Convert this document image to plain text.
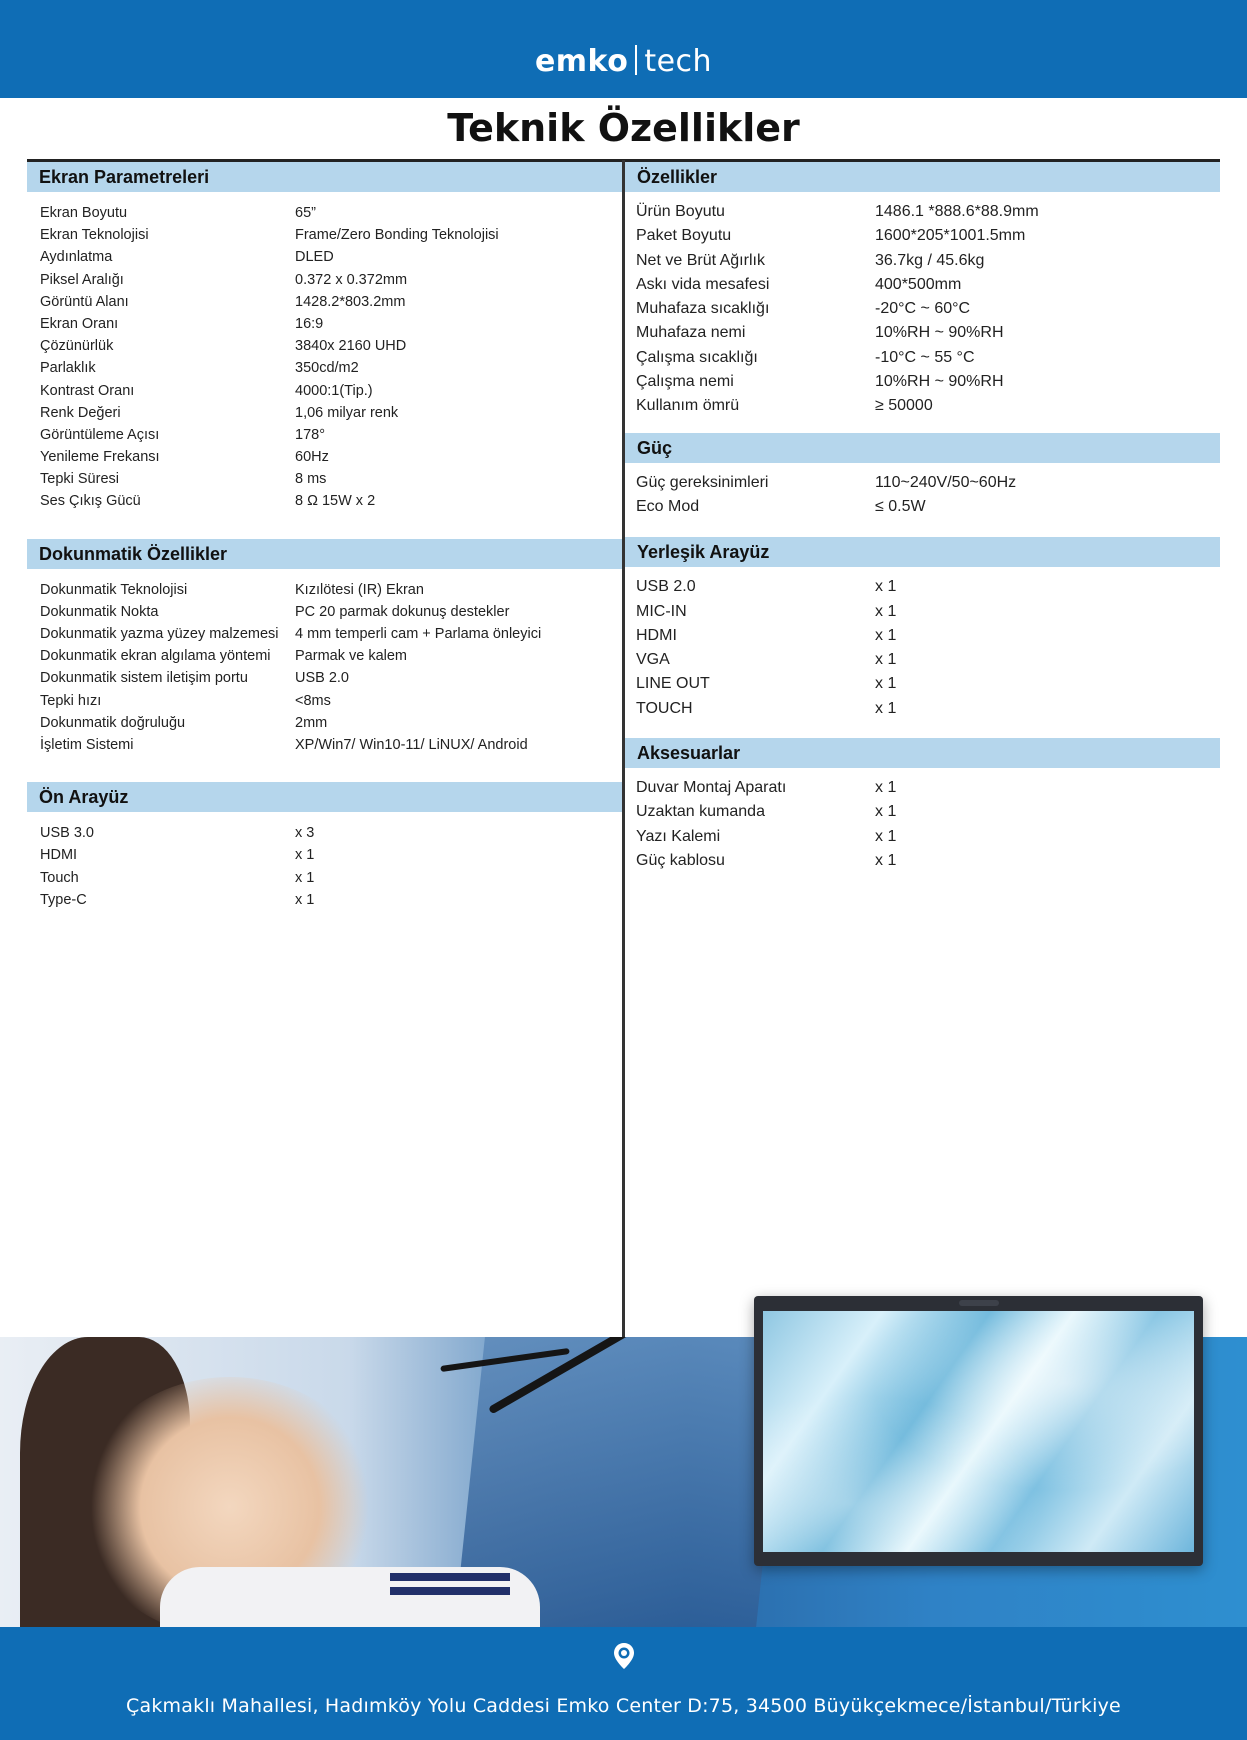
emko tech
Teknik Özellikler
Ekran Parametreleri
Ekran Boyutu	65”
Ekran Teknolojisi	Frame/Zero Bonding Teknolojisi
Aydınlatma	DLED
Piksel Aralığı	0.372 x 0.372mm
Görüntü Alanı	1428.2*803.2mm
Ekran Oranı	16:9
Çözünürlük	3840x 2160 UHD
Parlaklık	350cd/m2
Kontrast Oranı	4000:1(Tip.)
Renk Değeri	1,06 milyar renk
Görüntüleme Açısı	178°
Yenileme Frekansı	60Hz
Tepki Süresi	8 ms
Ses Çıkış Gücü	8 Ω 15W x 2
Dokunmatik Özellikler
Dokunmatik Teknolojisi	Kızılötesi (IR) Ekran
Dokunmatik Nokta	PC 20 parmak dokunuş destekler
Dokunmatik yazma yüzey malzemesi	4 mm temperli cam + Parlama önleyici
Dokunmatik ekran algılama yöntemi	Parmak ve kalem
Dokunmatik sistem iletişim portu	USB 2.0
Tepki hızı	<8ms
Dokunmatik doğruluğu	2mm
İşletim Sistemi	XP/Win7/ Win10-11/ LiNUX/ Android
Ön Arayüz
USB 3.0	x 3
HDMI	x 1
Touch	x 1
Type-C	x 1
Özellikler
Ürün Boyutu	1486.1 *888.6*88.9mm
Paket Boyutu	1600*205*1001.5mm
Net ve Brüt Ağırlık	36.7kg / 45.6kg
Askı vida mesafesi	400*500mm
Muhafaza sıcaklığı	-20°C ~ 60°C
Muhafaza nemi	10%RH ~ 90%RH
Çalışma sıcaklığı	-10°C ~ 55 °C
Çalışma nemi	10%RH ~ 90%RH
Kullanım ömrü	≥ 50000
Güç
Güç gereksinimleri	110~240V/50~60Hz
Eco Mod	≤ 0.5W
Yerleşik Arayüz
USB 2.0	x 1
MIC-IN	x 1
HDMI	x 1
VGA	x 1
LINE OUT	x 1
TOUCH	x 1
Aksesuarlar
Duvar Montaj Aparatı	x 1
Uzaktan kumanda	x 1
Yazı Kalemi	x 1
Güç kablosu	x 1
Çakmaklı Mahallesi, Hadımköy Yolu Caddesi Emko Center D:75, 34500 Büyükçekmece/İstanbul/Türkiye
